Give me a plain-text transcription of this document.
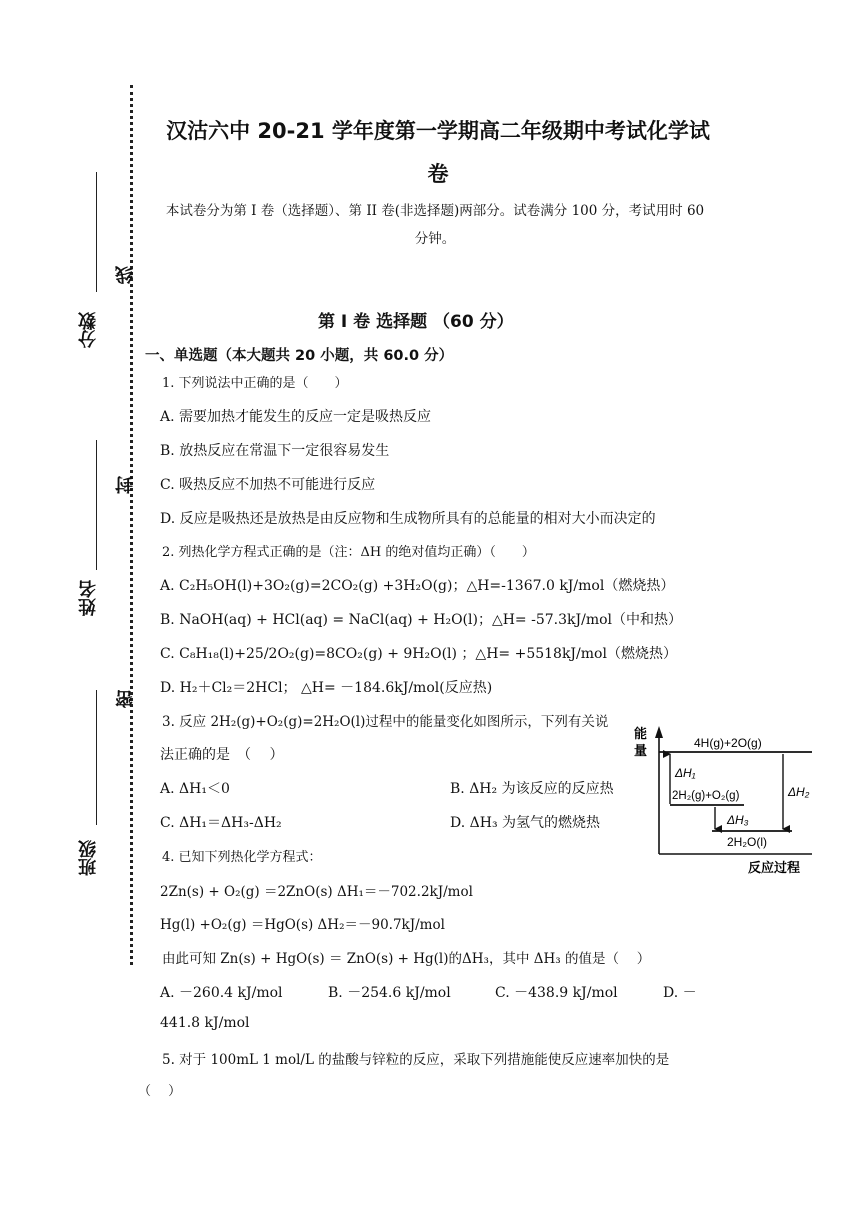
分数
姓名
班级
线
封
密
汉沽六中 20-21 学年度第一学期高二年级期中考试化学试
卷
本试卷分为第 I 卷（选择题）、第 II 卷(非选择题)两部分。试卷满分 100 分，考试用时 60
分钟。
第 I 卷 选择题 （60 分）
一、单选题（本大题共 20 小题，共 60.0 分）
1. 下列说法中正确的是（　　）
A. 需要加热才能发生的反应一定是吸热反应
B. 放热反应在常温下一定很容易发生
C. 吸热反应不加热不可能进行反应
D. 反应是吸热还是放热是由反应物和生成物所具有的总能量的相对大小而决定的
2. 列热化学方程式正确的是（注：ΔH 的绝对值均正确）（　　）
A. C₂H₅OH(l)+3O₂(g)=2CO₂(g) +3H₂O(g)；△H=-1367.0 kJ/mol（燃烧热）
B. NaOH(aq) + HCl(aq) = NaCl(aq) + H₂O(l)；△H= -57.3kJ/mol（中和热）
C. C₈H₁₈(l)+25/2O₂(g)=8CO₂(g) + 9H₂O(l) ；△H= +5518kJ/mol（燃烧热）
D. H₂＋Cl₂＝2HCl； △H= －184.6kJ/mol(反应热)
3. 反应 2H₂(g)+O₂(g)=2H₂O(l)过程中的能量变化如图所示，下列有关说
法正确的是　（　 ）
A. ΔH₁＜0	B. ΔH₂ 为该反应的反应热
C. ΔH₁＝ΔH₃-ΔH₂	D. ΔH₃ 为氢气的燃烧热
能
量	4H(g)+2O(g)
2H₂(g)+O₂(g)
2H₂O(l)
ΔH₁
ΔH₃
ΔH₂
反应过程
4. 已知下列热化学方程式：
2Zn(s) + O₂(g) ＝2ZnO(s) ΔH₁＝－702.2kJ/mol
Hg(l) +O₂(g) ＝HgO(s) ΔH₂＝－90.7kJ/mol
由此可知 Zn(s) + HgO(s) ＝ ZnO(s) + Hg(l)的ΔH₃，其中 ΔH₃ 的值是（　 ）
A. －260.4 kJ/mol	B. －254.6 kJ/mol	C. －438.9 kJ/mol	D. －
441.8 kJ/mol
5. 对于 100mL 1 mol/L 的盐酸与锌粒的反应，采取下列措施能使反应速率加快的是
（　 ）
